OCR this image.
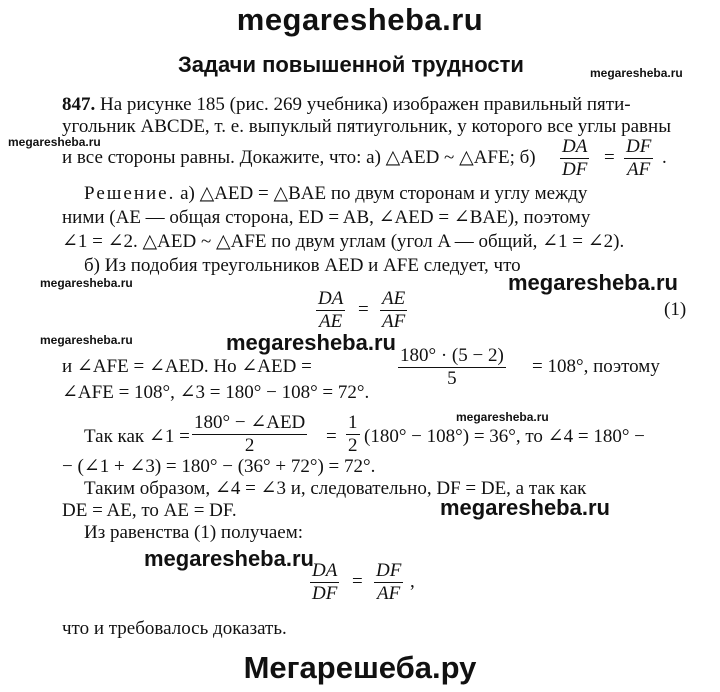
megaresheba.ru
megaresheba.ru
megaresheba.ru
megaresheba.ru	megaresheba.ru
megaresheba.ru	megaresheba.ru
megaresheba.ru
megaresheba.ru
megaresheba.ru
Мегарешеба.ру
Задачи повышенной трудности
847. На рисунке 185 (рис. 269 учебника) изображен правильный пяти-
угольник ABCDE, т. е. выпуклый пятиугольник, у которого все углы равны
и все стороны равны. Докажите, что: а) △AED ~ △AFE; $б) \frac{DA}{DF} = \frac{DF}{AF}$ .
Решение. а) △AED = △BAE по двум сторонам и углу между
ними (AE — общая сторона, ED = AB, ∠AED = ∠BAE), поэтому
∠1 = ∠2. △AED ~ △AFE по двум углам (угол A — общий, ∠1 = ∠2).
б) Из подобия треугольников AED и AFE следует, что
$\frac{DA}{AE} = \frac{AE}{AF}$	(1)
и ∠AFE = ∠AED. Но ∠AED =	$\frac{180^\circ \cdot (5 - 2)}{5} = 108^\circ$, поэтому
∠AFE = 108°, ∠3 = 180° − 108° = 72°.
Так как ∠1 =
180° − ∠AED
2	= $\frac{1}{2} (180^\circ - 108^\circ) = 36^\circ$, то ∠4 = 180° −
− (∠1 + ∠3) = 180° − (36° + 72°) = 72°.
Таким образом, ∠4 = ∠3 и, следовательно, DF = DE, а так как
DE = AE, то AE = DF.
Из равенства (1) получаем:
$\frac{DA}{DF} = \frac{DF}{AF}$ ,
что и требовалось доказать.
